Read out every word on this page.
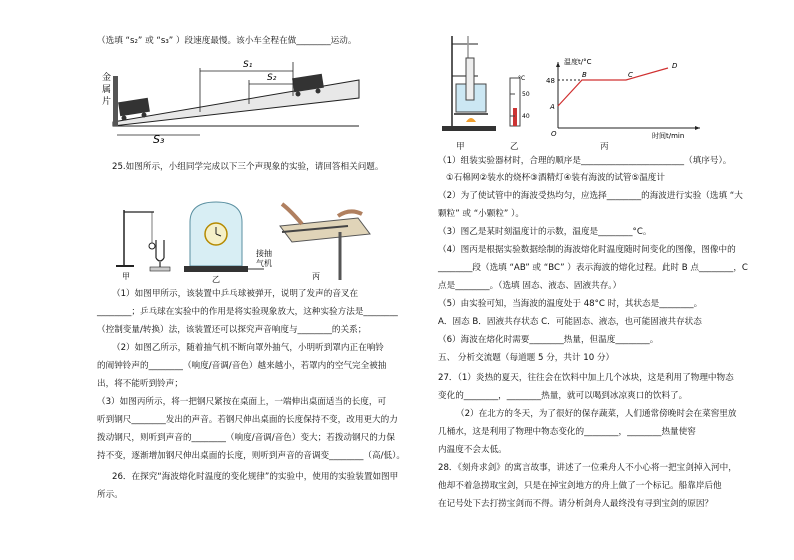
（选填 “s₂” 或 “s₃” ）段速度最慢。该小车全程在做________运动。
金
属
片
S₁
S₂
S₃
25.如图所示，小组同学完成以下三个声现象的实验，请回答相关问题。
接抽
气机
甲	乙	丙
（1）如图甲所示，该装置中乒乓球被弹开，说明了发声的音叉在
________；乒乓球在实验中的作用是将实验现象放大，这种实验方法是________
（控制变量/转换）法，该装置还可以探究声音响度与________的关系；
（2）如图乙所示，随着抽气机不断向罩外抽气，小明听到罩内正在响铃
的闹钟铃声的________（响度/音调/音色）越来越小，若罩内的空气完全被抽
出，将不能听到铃声；
（3）如图丙所示，将一把钢尺紧按在桌面上，一端伸出桌面适当的长度，可
听到钢尺________发出的声音。若钢尺伸出桌面的长度保持不变，改用更大的力
拨动钢尺，则听到声音的________（响度/音调/音色）变大；若拨动钢尺的力保
持不变，逐渐增加钢尺伸出桌面的长度，则听到声音的音调变________（高/低）。
26．在探究“海波熔化时温度的变化规律”的实验中，使用的实验装置如图甲
所示。
°C
50
40
温度t/°C
时间t/min
48
O
A
B	C
D
甲	乙	丙
（1）组装实验器材时，合理的顺序是________________________（填序号）。
①石棉网②装水的烧杯③酒精灯④装有海波的试管⑤温度计
（2）为了使试管中的海波受热均匀，应选择________的海波进行实验（选填 “大
颗粒” 或 “小颗粒” ）。
（3）图乙是某时刻温度计的示数，温度是________°C。
（4）图丙是根据实验数据绘制的海波熔化时温度随时间变化的图像，图像中的
________段（选填 “AB” 或 “BC” ）表示海波的熔化过程。此时 B 点________，C
点是________。（选填 固态、液态、固液共存。）
（5）由实验可知，当海波的温度处于 48°C 时，其状态是________。
A．固态 B．固液共存状态 C．可能固态、液态，也可能固液共存状态
（6）海波在熔化时需要________热量，但温度________。
五、 分析交流题（每道题 5 分，共计 10 分）
27．（1）炎热的夏天，往往会在饮料中加上几个冰块，这是利用了物理中物态
变化的________，________热量，就可以喝到冰凉爽口的饮料了。
（2）在北方的冬天，为了很好的保存蔬菜，人们通常傍晚时会在菜窖里放
几桶水，这是利用了物理中物态变化的________，________热量使窖
内温度不会太低。
28．《刻舟求剑》的寓言故事，讲述了一位乘舟人不小心将一把宝剑掉入河中，
他却不着急捞取宝剑，只是在掉宝剑地方的舟上做了一个标记。船靠岸后他
在记号处下去打捞宝剑而不得。请分析剑舟人最终没有寻到宝剑的原因？
